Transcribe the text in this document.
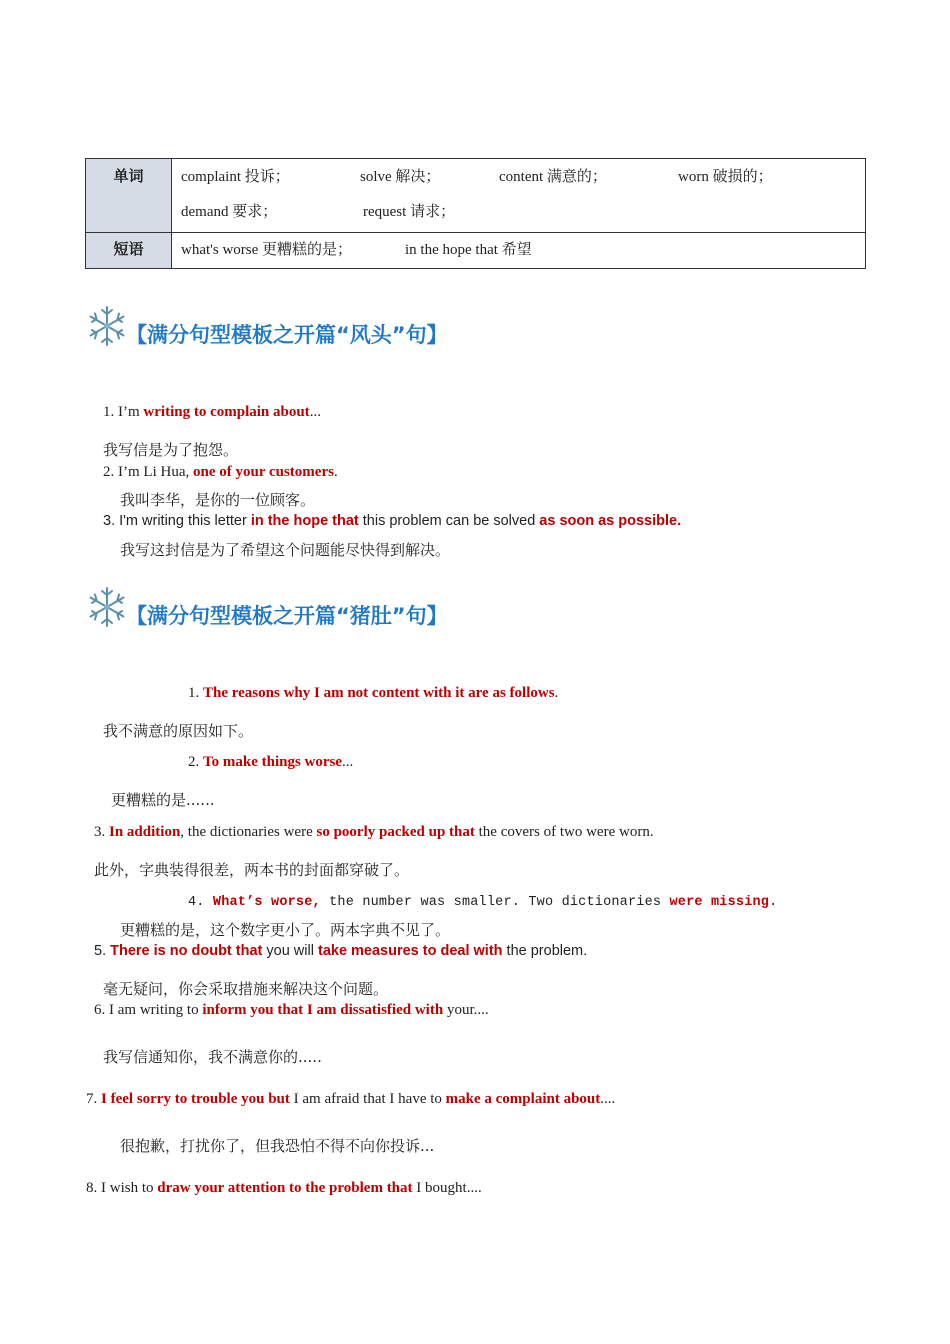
单词	complaint 投诉；	solve 解决；	content 满意的；	worn 破损的；
demand 要求；	request 请求；
短语	what's worse 更糟糕的是；	in the hope that 希望
【满分句型模板之开篇“风头”句】
1. I’m writing to complain about...
我写信是为了抱怨。
2. I’m Li Hua, one of your customers.
我叫李华，是你的一位顾客。
3. I'm writing this letter in the hope that this problem can be solved as soon as possible.
我写这封信是为了希望这个问题能尽快得到解决。
【满分句型模板之开篇“猪肚”句】
1. The reasons why I am not content with it are as follows.
我不满意的原因如下。
2. To make things worse...
更糟糕的是......
3. In addition, the dictionaries were so poorly packed up that the covers of two were worn.
此外，字典装得很差，两本书的封面都穿破了。
4. What’s worse, the number was smaller. Two dictionaries were missing.
更糟糕的是，这个数字更小了。两本字典不见了。
5. There is no doubt that you will take measures to deal with the problem.
毫无疑问，你会采取措施来解决这个问题。
6. I am writing to inform you that I am dissatisfied with your....
我写信通知你，我不满意你的.....
7. I feel sorry to trouble you but I am afraid that I have to make a complaint about....
很抱歉，打扰你了，但我恐怕不得不向你投诉...
8. I wish to draw your attention to the problem that I bought....
